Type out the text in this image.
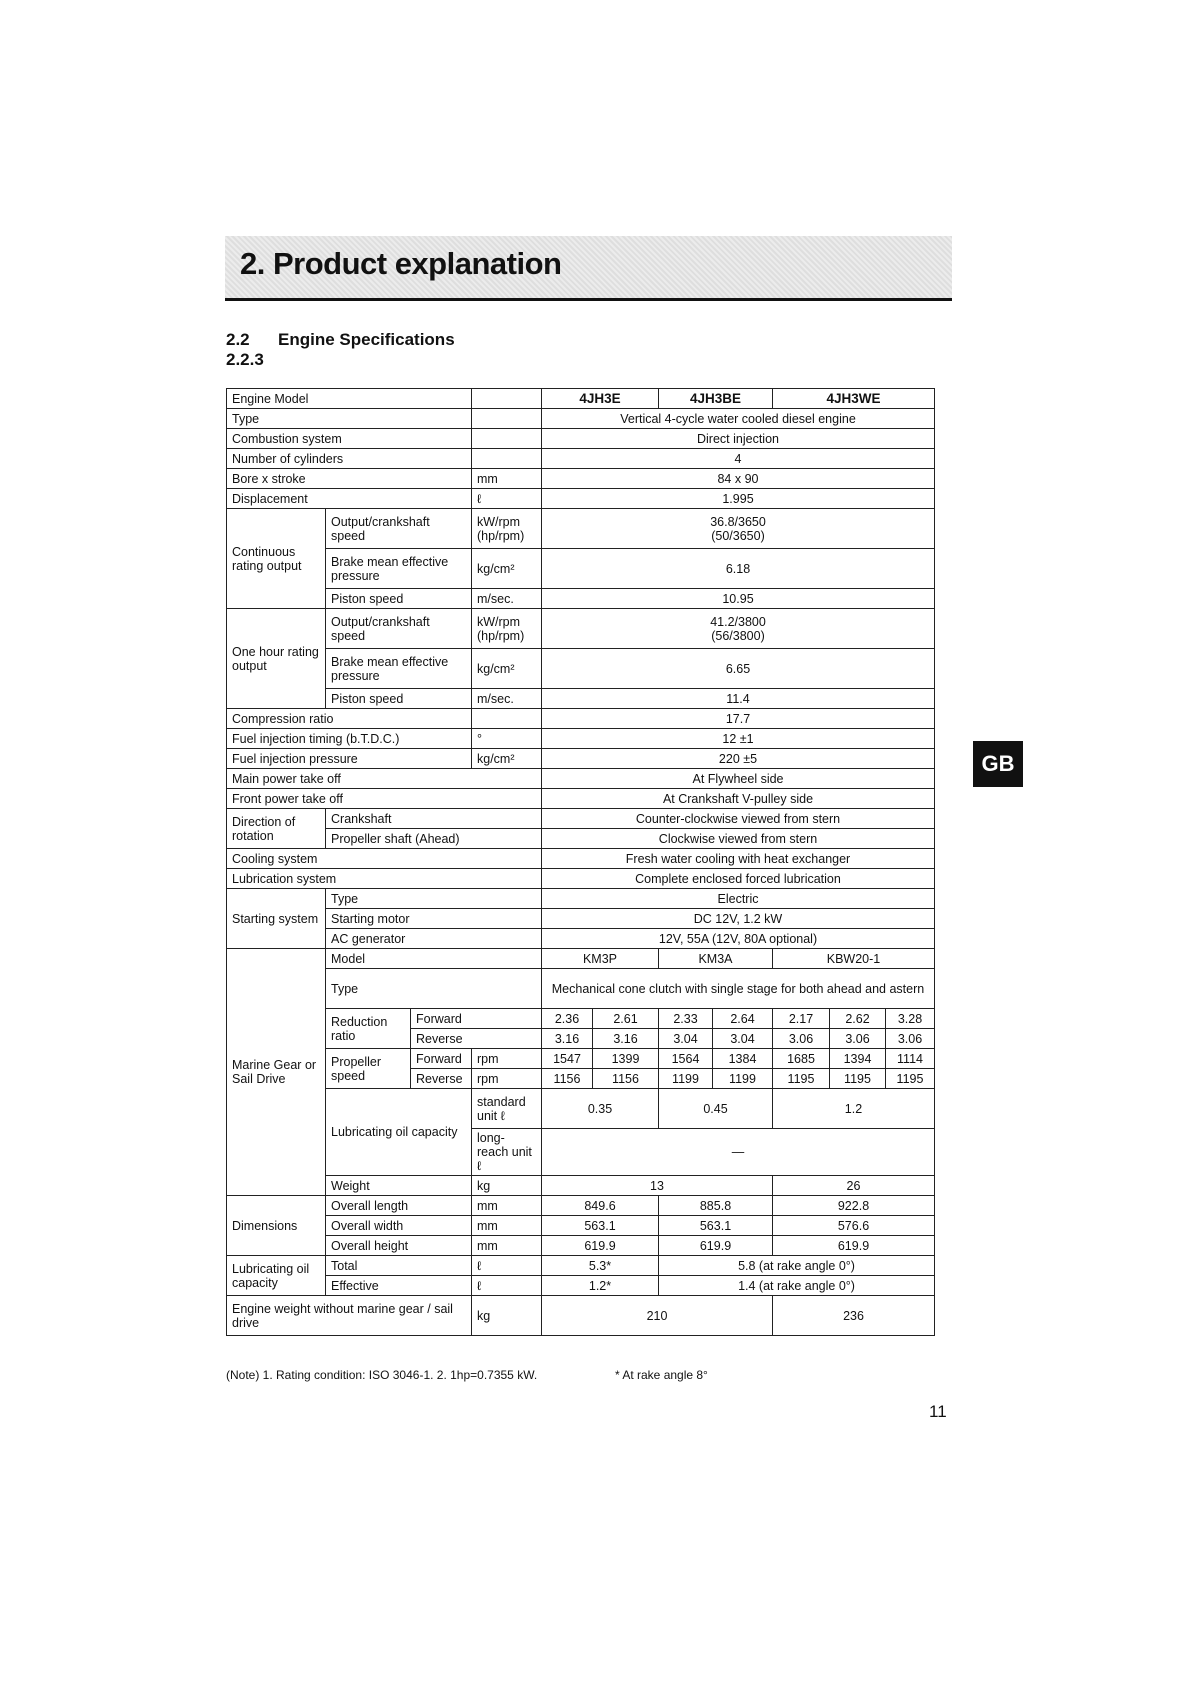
2. Product explanation
2.2 Engine Specifications
2.2.3
GB
Engine Model				4JH3E		4JH3BE		4JH3WE		
Type				Vertical 4-cycle water cooled diesel engine						
Combustion system				Direct injection						
Number of cylinders				4						
Bore x stroke			mm	84 x 90						
Displacement			ℓ	1.995						
Continuous rating output	Output/crankshaft speed		kW/rpm (hp/rpm)	36.8/3650
(50/3650)						

	Brake mean effective pressure		kg/cm²	6.18						
	Piston speed		m/sec.	10.95						
One hour rating output	Output/crankshaft speed		kW/rpm (hp/rpm)	41.2/3800
(56/3800)						

	Brake mean effective pressure		kg/cm²	6.65						
	Piston speed		m/sec.	11.4						
Compression ratio				17.7						
Fuel injection timing (b.T.D.C.)			°	12 ±1						
Fuel injection pressure			kg/cm²	220 ±5						
Main power take off				At Flywheel side						
Front power take off				At Crankshaft V-pulley side						
Direction of rotation	Crankshaft			Counter-clockwise viewed from stern						
	Propeller shaft (Ahead)			Clockwise viewed from stern						
Cooling system				Fresh water cooling with heat exchanger						
Lubrication system				Complete enclosed forced lubrication						
Starting system	Type			Electric						
	Starting motor			DC 12V, 1.2 kW						
	AC generator			12V, 55A (12V, 80A optional)						
Marine Gear or Sail Drive	Model			KM3P		KM3A		KBW20-1		
	Type			Mechanical cone clutch with single stage for both ahead and astern						
	Reduction ratio	Forward		2.36	2.61	2.33	2.64	2.17	2.62	3.28
		Reverse		3.16	3.16	3.04	3.04	3.06	3.06	3.06
	Propeller speed	Forward	rpm	1547	1399	1564	1384	1685	1394	1114
		Reverse	rpm	1156	1156	1199	1199	1195	1195	1195
	Lubricating oil capacity		standard unit ℓ	0.35		0.45		1.2		
			long-reach unit ℓ	—						
	Weight		kg	13				26		

Dimensions	Overall length		mm	849.6		885.8		922.8		
	Overall width		mm	563.1		563.1		576.6		
	Overall height		mm	619.9		619.9		619.9		
Lubricating oil capacity	Total		ℓ	5.3*		5.8 (at rake angle 0°)				
	Effective		ℓ	1.2*		1.4 (at rake angle 0°)				
Engine weight without marine gear / sail drive			kg	210				236		
(Note) 1. Rating condition: ISO 3046-1. 2. 1hp=0.7355 kW.	* At rake angle 8°
11
